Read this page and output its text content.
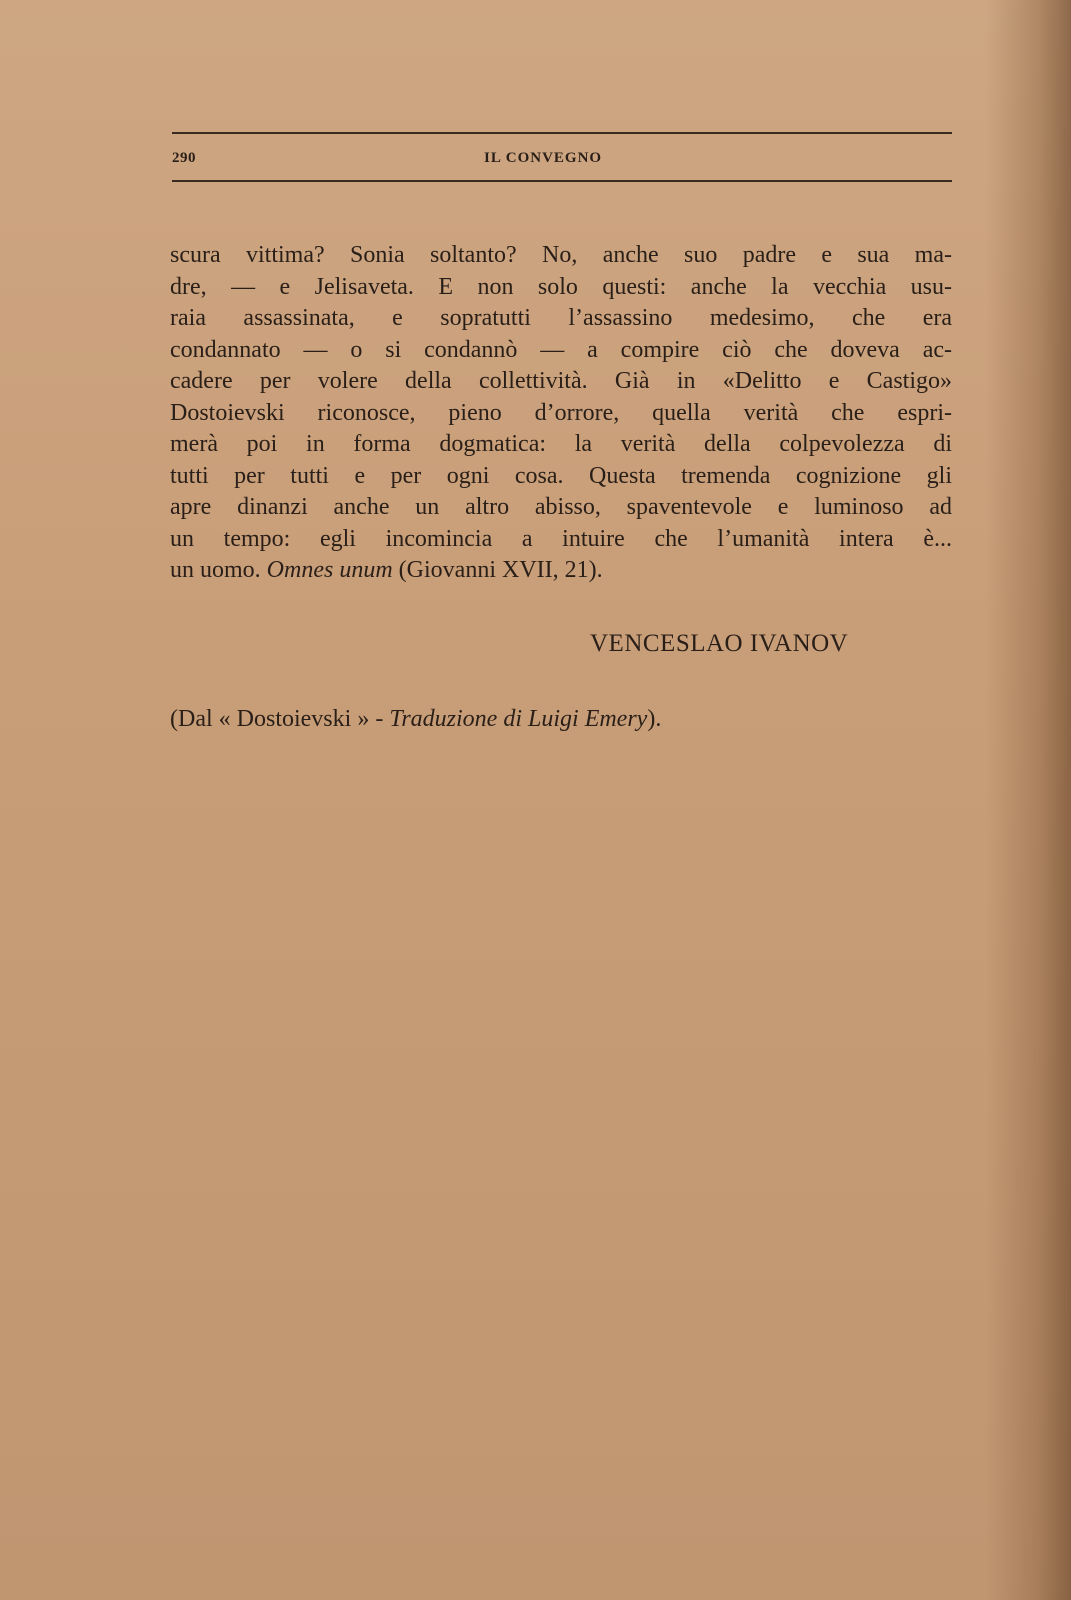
290	IL CONVEGNO
scura vittima? Sonia soltanto? No, anche suo padre e sua ma-
dre, — e Jelisaveta. E non solo questi: anche la vecchia usu-
raia assassinata, e sopratutti l’assassino medesimo, che era
condannato — o si condannò — a compire ciò che doveva ac-
cadere per volere della collettività. Già in «Delitto e Castigo»
Dostoievski riconosce, pieno d’orrore, quella verità che espri-
merà poi in forma dogmatica: la verità della colpevolezza di
tutti per tutti e per ogni cosa. Questa tremenda cognizione gli
apre dinanzi anche un altro abisso, spaventevole e luminoso ad
un tempo: egli incomincia a intuire che l’umanità intera è...
un uomo. Omnes unum (Giovanni XVII, 21).
VENCESLAO IVANOV
(Dal « Dostoievski » - Traduzione di Luigi Emery).
